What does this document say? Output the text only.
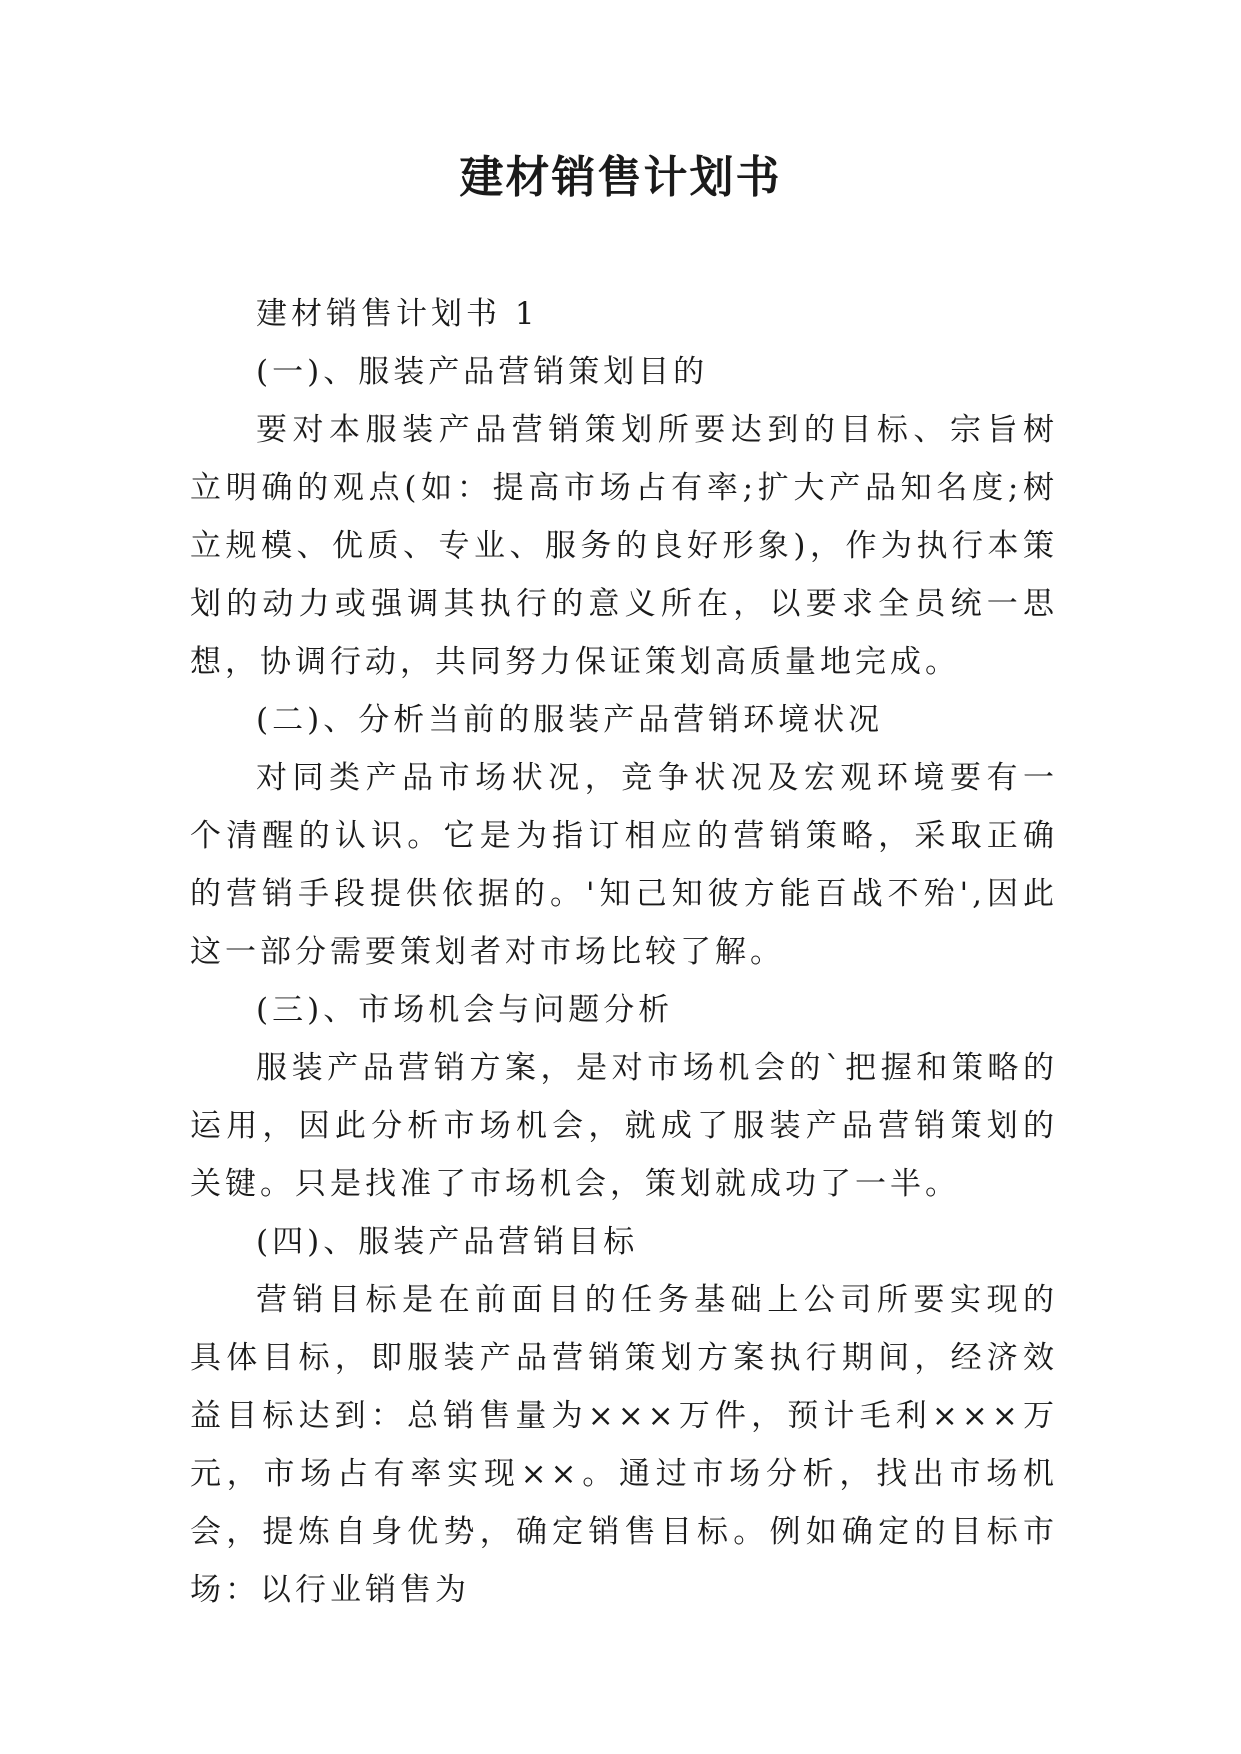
建材销售计划书

建材销售计划书 1

(一)、服装产品营销策划目的

要对本服装产品营销策划所要达到的目标、宗旨树立明确的观点(如：提高市场占有率;扩大产品知名度;树立规模、优质、专业、服务的良好形象)，作为执行本策划的动力或强调其执行的意义所在，以要求全员统一思想，协调行动，共同努力保证策划高质量地完成。

(二)、分析当前的服装产品营销环境状况

对同类产品市场状况，竞争状况及宏观环境要有一个清醒的认识。它是为指订相应的营销策略，采取正确的营销手段提供依据的。'知己知彼方能百战不殆',因此这一部分需要策划者对市场比较了解。

(三)、市场机会与问题分析

服装产品营销方案，是对市场机会的`把握和策略的运用，因此分析市场机会，就成了服装产品营销策划的关键。只是找准了市场机会，策划就成功了一半。

(四)、服装产品营销目标

营销目标是在前面目的任务基础上公司所要实现的具体目标，即服装产品营销策划方案执行期间，经济效益目标达到：总销售量为×××万件，预计毛利×××万元，市场占有率实现××。通过市场分析，找出市场机会，提炼自身优势，确定销售目标。例如确定的目标市场：以行业销售为
